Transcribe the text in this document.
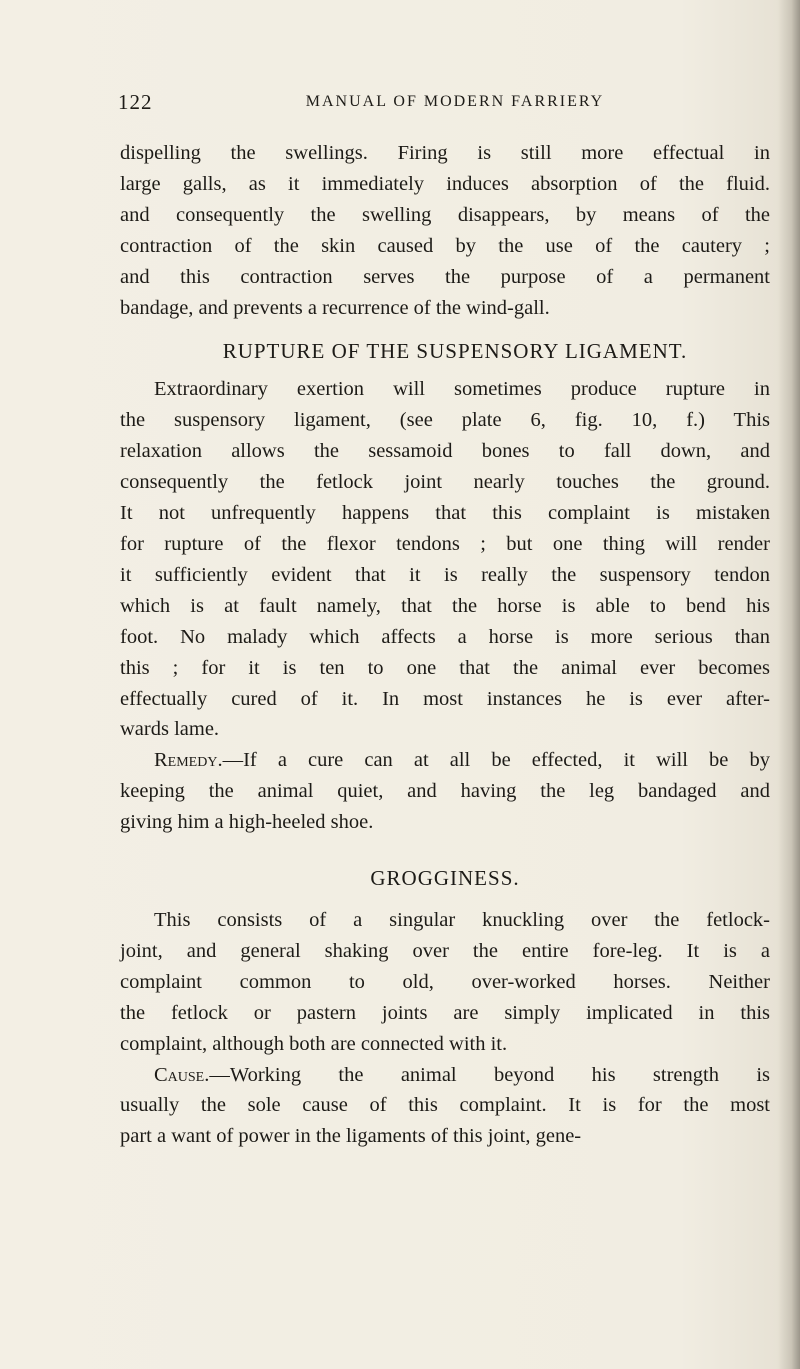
122	MANUAL OF MODERN FARRIERY

dispelling the swellings. Firing is still more effectual in

large galls, as it immediately induces absorption of the fluid.

and consequently the swelling disappears, by means of the

contraction of the skin caused by the use of the cautery ;

and this contraction serves the purpose of a permanent

bandage, and prevents a recurrence of the wind-gall.

RUPTURE OF THE SUSPENSORY LIGAMENT.

Extraordinary exertion will sometimes produce rupture in

the suspensory ligament, (see plate 6, fig. 10, f.) This

relaxation allows the sessamoid bones to fall down, and

consequently the fetlock joint nearly touches the ground.

It not unfrequently happens that this complaint is mistaken

for rupture of the flexor tendons ; but one thing will render

it sufficiently evident that it is really the suspensory tendon

which is at fault namely, that the horse is able to bend his

foot. No malady which affects a horse is more serious than

this ; for it is ten to one that the animal ever becomes

effectually cured of it. In most instances he is ever after-

wards lame.

Remedy.—If a cure can at all be effected, it will be by

keeping the animal quiet, and having the leg bandaged and

giving him a high-heeled shoe.

GROGGINESS.

This consists of a singular knuckling over the fetlock-

joint, and general shaking over the entire fore-leg. It is a

complaint common to old, over-worked horses. Neither

the fetlock or pastern joints are simply implicated in this

complaint, although both are connected with it.

Cause.—Working the animal beyond his strength is

usually the sole cause of this complaint. It is for the most

part a want of power in the ligaments of this joint, gene-
